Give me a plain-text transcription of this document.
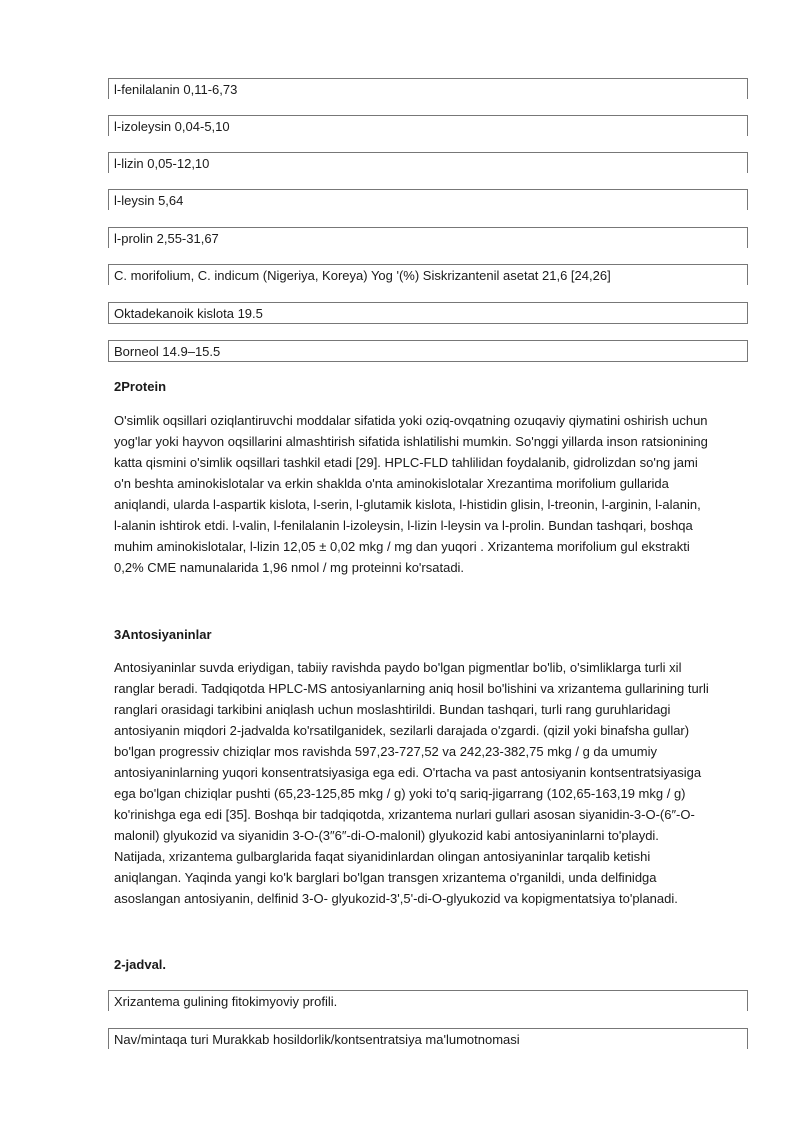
l-fenilalanin 0,11-6,73
l-izoleysin 0,04-5,10
l-lizin 0,05-12,10
l-leysin 5,64
l-prolin 2,55-31,67
C. morifolium, C. indicum (Nigeriya, Koreya) Yog '(%) Siskrizantenil asetat 21,6 [24,26]
Oktadekanoik kislota 19.5
Borneol 14.9–15.5
2Protein
O'simlik oqsillari oziqlantiruvchi moddalar sifatida yoki oziq-ovqatning ozuqaviy qiymatini oshirish uchun
yog'lar yoki hayvon oqsillarini almashtirish sifatida ishlatilishi mumkin. So'nggi yillarda inson ratsionining
katta qismini o'simlik oqsillari tashkil etadi [29]. HPLC-FLD tahlilidan foydalanib, gidrolizdan so'ng jami
o'n beshta aminokislotalar va erkin shaklda o'nta aminokislotalar Xrezantima morifolium gullarida
aniqlandi, ularda l-aspartik kislota, l-serin, l-glutamik kislota, l-histidin glisin, l-treonin, l-arginin, l-alanin,
l-alanin ishtirok etdi. l-valin, l-fenilalanin l-izoleysin, l-lizin l-leysin va l-prolin. Bundan tashqari, boshqa
muhim aminokislotalar, l-lizin 12,05 ± 0,02 mkg / mg dan yuqori . Xrizantema morifolium gul ekstrakti
0,2% CME namunalarida 1,96 nmol / mg proteinni ko'rsatadi.
3Antosiyaninlar
Antosiyaninlar suvda eriydigan, tabiiy ravishda paydo bo'lgan pigmentlar bo'lib, o'simliklarga turli xil
ranglar beradi. Tadqiqotda HPLC-MS antosiyanlarning aniq hosil bo'lishini va xrizantema gullarining turli
ranglari orasidagi tarkibini aniqlash uchun moslashtirildi. Bundan tashqari, turli rang guruhlaridagi
antosiyanin miqdori 2-jadvalda ko'rsatilganidek, sezilarli darajada o'zgardi. (qizil yoki binafsha gullar)
bo'lgan progressiv chiziqlar mos ravishda 597,23-727,52 va 242,23-382,75 mkg / g da umumiy
antosiyaninlarning yuqori konsentratsiyasiga ega edi. O'rtacha va past antosiyanin kontsentratsiyasiga
ega bo'lgan chiziqlar pushti (65,23-125,85 mkg / g) yoki to'q sariq-jigarrang (102,65-163,19 mkg / g)
ko'rinishga ega edi [35]. Boshqa bir tadqiqotda, xrizantema nurlari gullari asosan siyanidin-3-O-(6″-O-
malonil) glyukozid va siyanidin 3-O-(3″6″-di-O-malonil) glyukozid kabi antosiyaninlarni to'playdi.
Natijada, xrizantema gulbarglarida faqat siyanidinlardan olingan antosiyaninlar tarqalib ketishi
aniqlangan. Yaqinda yangi ko'k barglari bo'lgan transgen xrizantema o'rganildi, unda delfinidga
asoslangan antosiyanin, delfinid 3-O- glyukozid-3',5'-di-O-glyukozid va kopigmentatsiya to'planadi.
2-jadval.
Xrizantema gulining fitokimyoviy profili.
Nav/mintaqa turi Murakkab hosildorlik/kontsentratsiya ma'lumotnomasi
